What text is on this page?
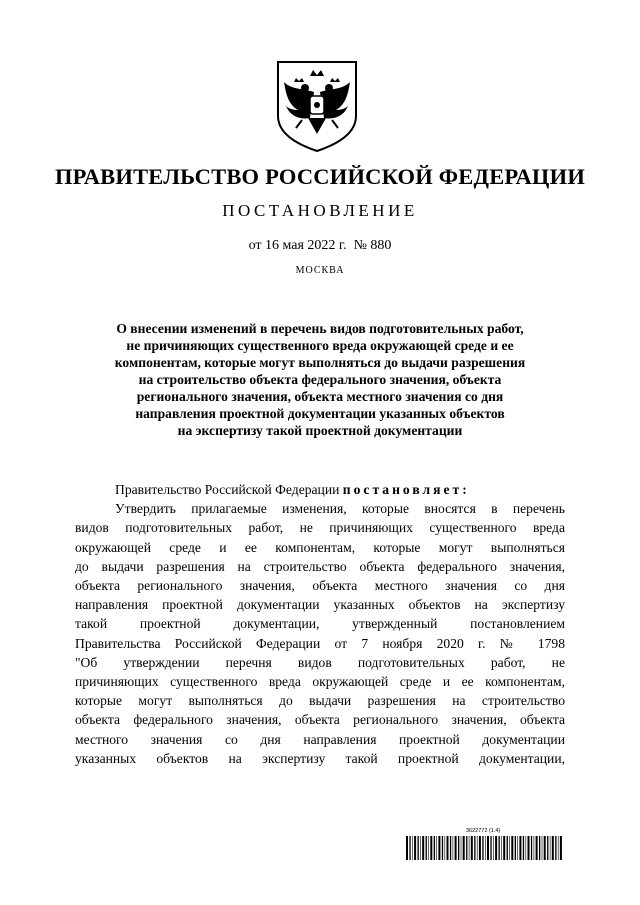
ПРАВИТЕЛЬСТВО РОССИЙСКОЙ ФЕДЕРАЦИИ
ПОСТАНОВЛЕНИЕ
от 16 мая 2022 г.  № 880
МОСКВА
О внесении изменений в перечень видов подготовительных работ,
не причиняющих существенного вреда окружающей среде и ее
компонентам, которые могут выполняться до выдачи разрешения
на строительство объекта федерального значения, объекта
регионального значения, объекта местного значения со дня
направления проектной документации указанных объектов
на экспертизу такой проектной документации
Правительство Российской Федерации постановляет:
Утвердить прилагаемые изменения, которые вносятся в перечень
видов подготовительных работ, не причиняющих существенного вреда
окружающей среде и ее компонентам, которые могут выполняться
до выдачи разрешения на строительство объекта федерального значения,
объекта регионального значения, объекта местного значения со дня
направления проектной документации указанных объектов на экспертизу
такой проектной документации, утвержденный постановлением
Правительства Российской Федерации от 7 ноября 2020 г. № 1798
"Об утверждении перечня видов подготовительных работ, не
причиняющих существенного вреда окружающей среде и ее компонентам,
которые могут выполняться до выдачи разрешения на строительство
объекта федерального значения, объекта регионального значения, объекта
местного значения со дня направления проектной документации
указанных объектов на экспертизу такой проектной документации,
3622772 (1.4)
